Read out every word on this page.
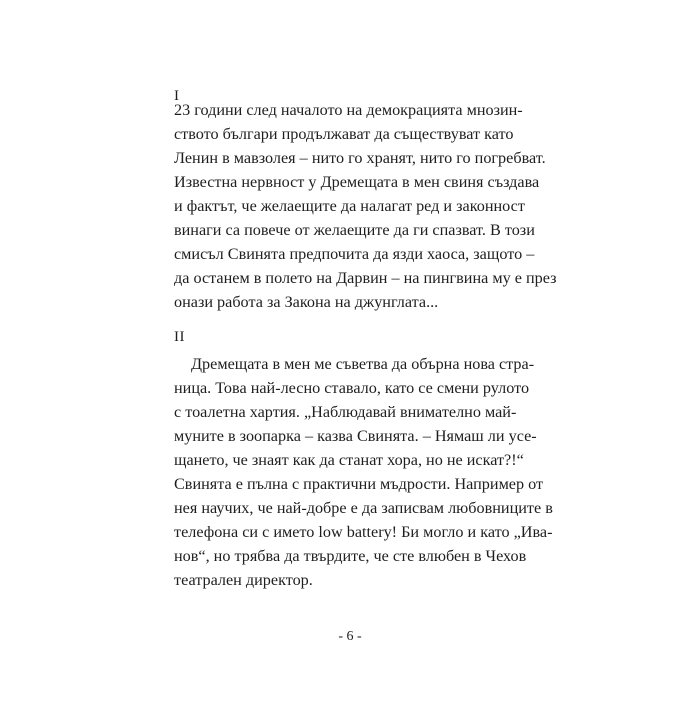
I
23 години след началото на демокрацията мнозин-
ството българи продължават да съществуват като
Ленин в мавзолея – нито го хранят, нито го погребват.
Известна нервност у Дремещата в мен свиня създава
и фактът, че желаещите да налагат ред и законност
винаги са повече от желаещите да ги спазват. В този
смисъл Свинята предпочита да язди хаоса, защото –
да останем в полето на Дарвин – на пингвина му е през
онази работа за Закона на джунглата...
II
Дремещата в мен ме съветва да обърна нова стра-
ница. Това най-лесно ставало, като се смени рулото
с тоалетна хартия. „Наблюдавай внимателно май-
муните в зоопарка – казва Свинята. – Нямаш ли усе-
щането, че знаят как да станат хора, но не искат?!“
Свинята е пълна с практични мъдрости. Например от
нея научих, че най-добре е да записвам любовниците в
телефона си с името low battery! Би могло и като „Ива-
нов“, но трябва да твърдите, че сте влюбен в Чехов
театрален директор.
- 6 -
